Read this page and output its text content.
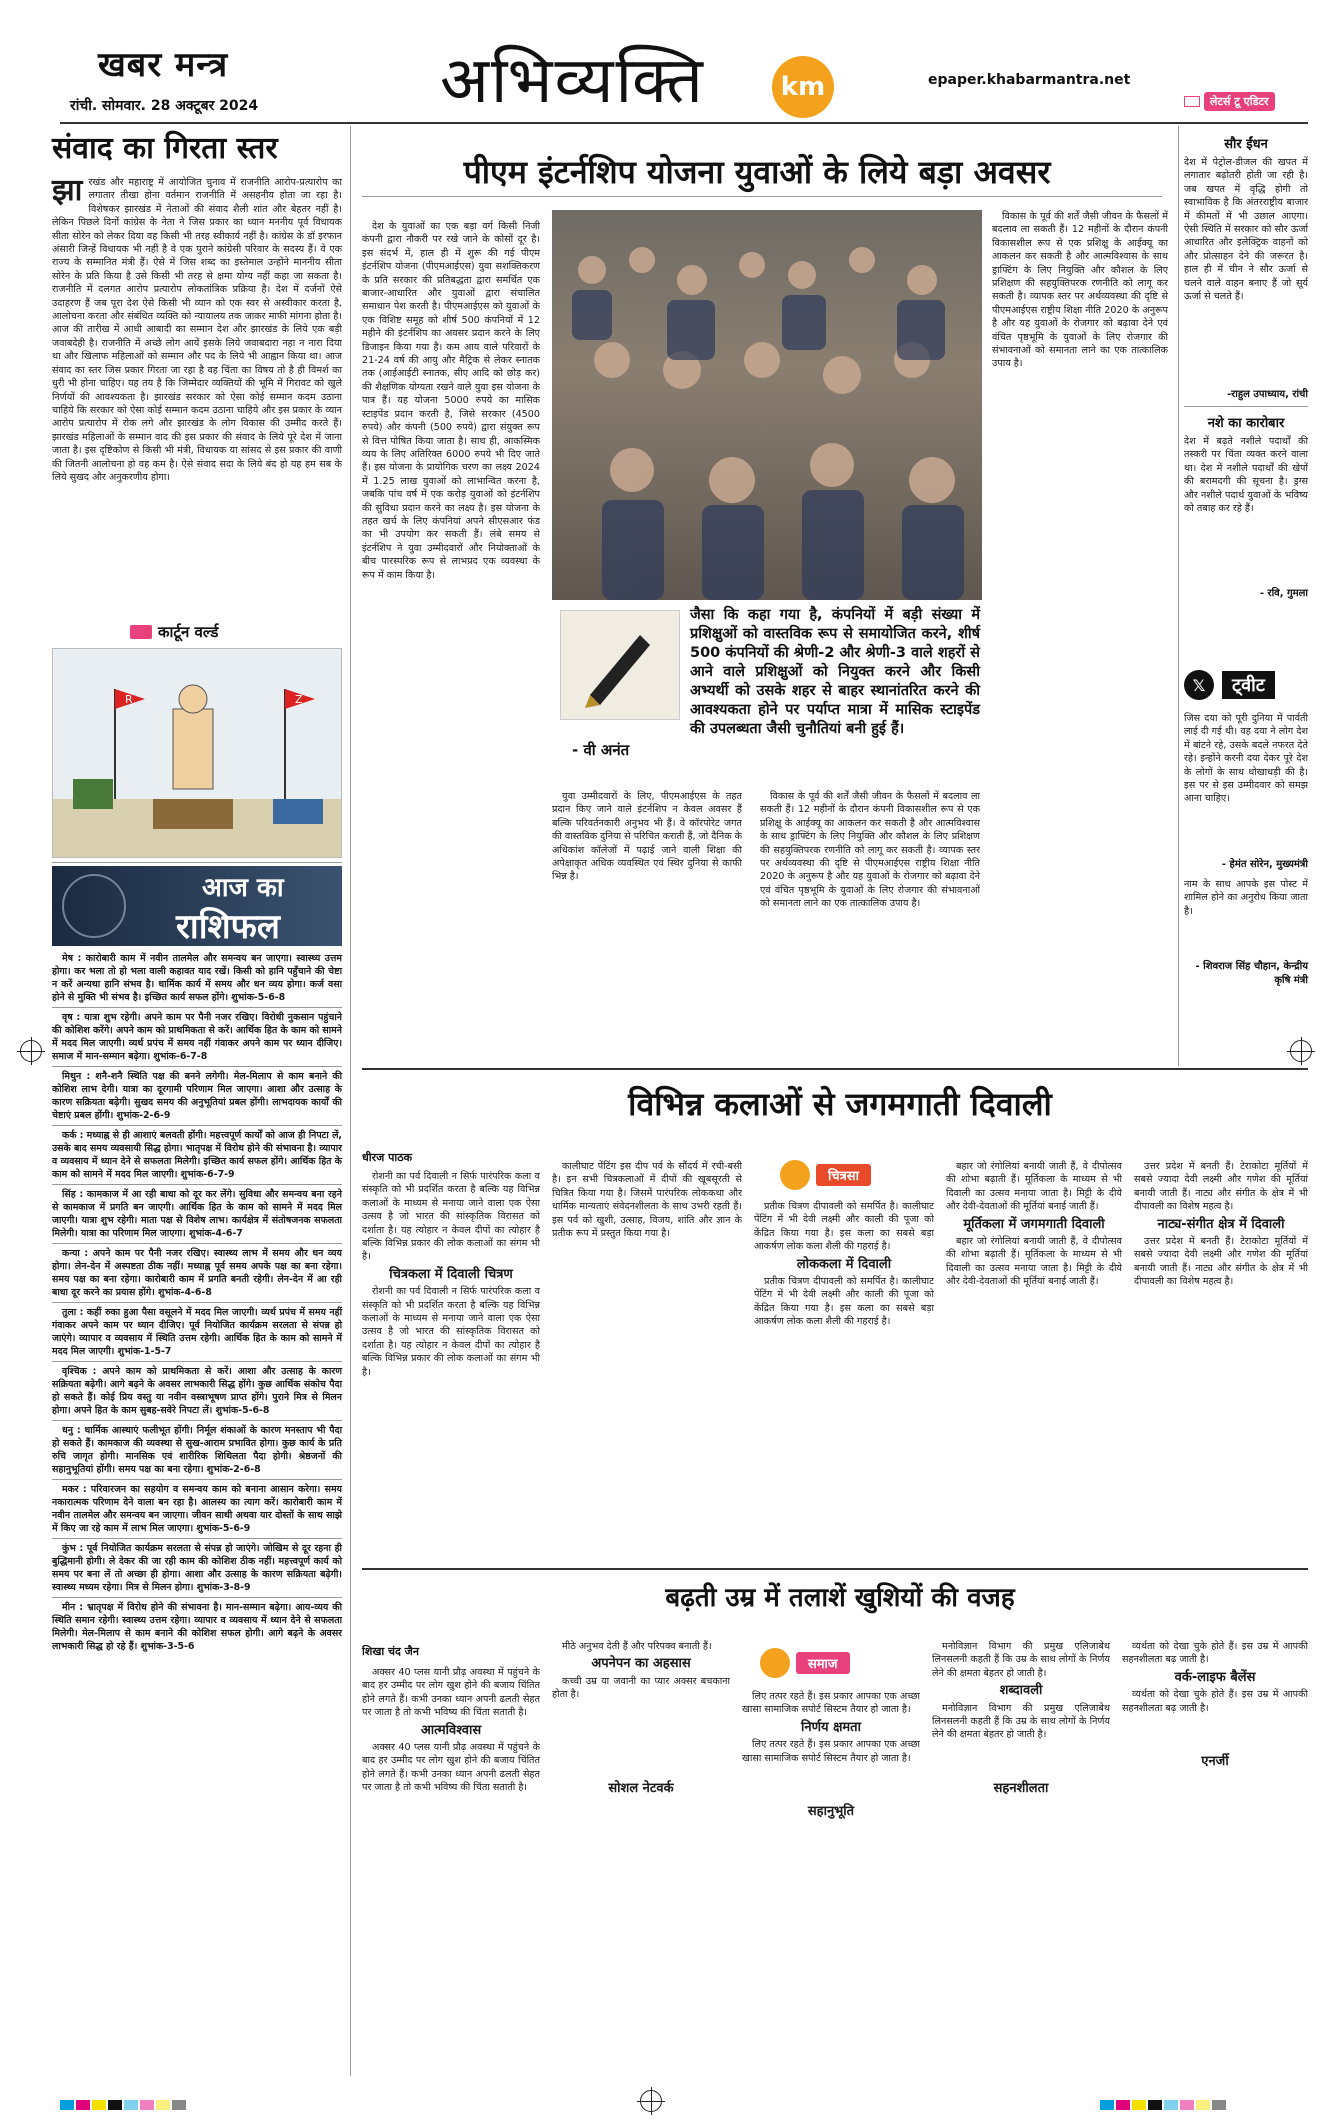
खबर मन्त्र
रांची. सोमवार. 28 अक्टूबर 2024	अभिव्यक्ति	km	epaper.khabarmantra.net
संवाद का गिरता स्तर
झा रखंड और महाराष्ट्र में आयोजित चुनाव में राजनीति आरोप-प्रत्यारोप का लगातार तीखा होना वर्तमान राजनीति में असहनीय होता जा रहा है। विशेषकर झारखंड में नेताओं की संवाद शैली शांत और बेहतर नहीं है। लेकिन पिछले दिनों कांग्रेस के नेता ने जिस प्रकार का ध्यान मननीय पूर्व विधायक सीता सोरेन को लेकर दिया वह किसी भी तरह स्वीकार्य नहीं है। कांग्रेस के डॉ इरफान अंसारी जिन्हें विधायक भी नहीं है वे एक पुराने कांग्रेसी परिवार के सदस्य हैं। वे एक राज्य के सम्मानित मंत्री हैं। ऐसे में जिस शब्द का इस्तेमाल उन्होंने माननीय सीता सोरेन के प्रति किया है उसे किसी भी तरह से क्षमा योग्य नहीं कहा जा सकता है। राजनीति में दलगत आरोप प्रत्यारोप लोकतांत्रिक प्रक्रिया है। देश में दर्जनों ऐसे उदाहरण हैं जब पूरा देश ऐसे किसी भी व्यान को एक स्वर से अस्वीकार करता है, आलोचना करता और संबंधित व्यक्ति को न्यायालय तक जाकर माफी मांगना होता है। आज की तारीख में आधी आबादी का सम्मान देश और झारखंड के लिये एक बड़ी जवाबदेही है। राजनीति में अच्छे लोग आयें इसके लिये जवाबदारा नहा न नारा दिया था और खिलाफ महिलाओं को सम्मान और पद के लिये भी आह्वान किया था। आज संवाद का स्तर जिस प्रकार गिरता जा रहा है वह चिंता का विषय तो है ही विमर्श का धुरी भी होना चाहिए। यह तय है कि जिम्मेदार व्यक्तियों की भूमि में गिरावट को खुले निर्णयों की आवश्यकता है। झारखंड सरकार को ऐसा कोई सम्मान कदम उठाना चाहिये कि सरकार को ऐसा कोई सम्मान कदम उठाना चाहिये और इस प्रकार के व्यान आरोप प्रत्यारोप में रोक लगे और झारखंड के लोग विकास की उम्मीद करते हैं। झारखंड महिलाओं के सम्मान वाद की इस प्रकार की संवाद के लिये पूरे देश में जाना जाता है। इस दृष्टिकोण से किसी भी मंत्री, विधायक या सांसद से इस प्रकार की वाणी की जितनी आलोचना हो वह कम है। ऐसे संवाद सदा के लिये बंद हो यह हम सब के लिये सुखद और अनुकरणीय होगा।
कार्टून वर्ल्ड
R	Z
आज का
राशिफल

मेष : कारोबारी काम में नवीन तालमेल और समन्वय बन जाएगा। स्वास्थ्य उत्तम होगा। कर भला तो हो भला वाली कहावत याद रखें। किसी को हानि पहुँचाने की चेष्टा न करें अन्यथा हानि संभव है। धार्मिक कार्य में समय और धन व्यय होगा। कर्ज वसा होने से मुक्ति भी संभव है। इच्छित कार्य सफल होंगे। शुभांक-5-6-8

वृष : यात्रा शुभ रहेगी। अपने काम पर पैनी नजर रखिए। विरोधी नुकसान पहुंचाने की कोशिश करेंगे। अपने काम को प्राथमिकता से करें। आर्थिक हित के काम को सामने में मदद मिल जाएगी। व्यर्थ प्रपंच में समय नहीं गंवाकर अपने काम पर ध्यान दीजिए। समाज में मान-सम्मान बढ़ेगा। शुभांक-6-7-8

मिथुन : शनै-शनै स्थिति पक्ष की बनने लगेगी। मेल-मिलाप से काम बनाने की कोशिश लाभ देगी। यात्रा का दूरगामी परिणाम मिल जाएगा। आशा और उत्साह के कारण सक्रियता बढ़ेगी। सुखद समय की अनुभूतियां प्रबल होंगी। लाभदायक कार्यों की चेष्टाएं प्रबल होंगी। शुभांक-2-6-9

कर्क : मध्याह्न से ही आशाएं बलवती होंगी। महत्त्वपूर्ण कार्यों को आज ही निपटा लें, उसके बाद समय व्यवसायी सिद्ध होगा। भातृपक्ष में विरोध होने की संभावना है। व्यापार व व्यवसाय में ध्यान देने से सफलता मिलेगी। इच्छित कार्य सफल होंगे। आर्थिक हित के काम को सामने में मदद मिल जाएगी। शुभांक-6-7-9

सिंह : कामकाज में आ रही बाधा को दूर कर लेंगे। सुविधा और समन्वय बना रहने से कामकाज में प्रगति बन जाएगी। आर्थिक हित के काम को सामने में मदद मिल जाएगी। यात्रा शुभ रहेगी। माता पक्ष से विशेष लाभ। कार्यक्षेत्र में संतोषजनक सफलता मिलेगी। यात्रा का परिणाम मिल जाएगा। शुभांक-4-6-7

कन्या : अपने काम पर पैनी नजर रखिए। स्वास्थ्य लाभ में समय और धन व्यय होगा। लेन-देन में अस्पष्टता ठीक नहीं। मध्याह्न पूर्व समय अपके पक्ष का बना रहेगा। समय पक्ष का बना रहेगा। कारोबारी काम में प्रगति बनती रहेगी। लेन-देन में आ रही बाधा दूर करने का प्रयास होंगे। शुभांक-4-6-8

तुला : कहीं रुका हुआ पैसा वसूलने में मदद मिल जाएगी। व्यर्थ प्रपंच में समय नहीं गंवाकर अपने काम पर ध्यान दीजिए। पूर्व नियोजित कार्यक्रम सरलता से संपन्न हो जाएंगे। व्यापार व व्यवसाय में स्थिति उत्तम रहेगी। आर्थिक हित के काम को सामने में मदद मिल जाएगी। शुभांक-1-5-7

वृश्चिक : अपने काम को प्राथमिकता से करें। आशा और उत्साह के कारण सक्रियता बढ़ेगी। आगे बढ़ने के अवसर लाभकारी सिद्ध होंगे। कुछ आर्थिक संकोच पैदा हो सकते हैं। कोई प्रिय वस्तु या नवीन वस्त्राभूषण प्राप्त होंगे। पुराने मित्र से मिलन होगा। अपने हित के काम सुबह-सवेरे निपटा लें। शुभांक-5-6-8

धनु : धार्मिक आस्थाएं फलीभूत होंगी। निर्मूल शंकाओं के कारण मनस्ताप भी पैदा हो सकते हैं। कामकाज की व्यवस्था से सुख-आराम प्रभावित होगा। कुछ कार्य के प्रति रुचि जागृत होगी। मानसिक एवं शारीरिक शिथिलता पैदा होगी। श्रेष्ठजनों की सहानुभूतियां होंगी। समय पक्ष का बना रहेगा। शुभांक-2-6-8

मकर : परिवारजन का सहयोग व समन्वय काम को बनाना आसान करेगा। समय नकारात्मक परिणाम देने वाला बन रहा है। आलस्य का त्याग करें। कारोबारी काम में नवीन तालमेल और समन्वय बन जाएगा। जीवन साथी अथवा यार दोस्तों के साथ साझे में किए जा रहे काम में लाभ मिल जाएगा। शुभांक-5-6-9

कुंभ : पूर्व नियोजित कार्यक्रम सरलता से संपन्न हो जाएंगे। जोखिम से दूर रहना ही बुद्धिमानी होगी। ले देकर की जा रही काम की कोशिश ठीक नहीं। महत्त्वपूर्ण कार्य को समय पर बना लें तो अच्छा ही होगा। आशा और उत्साह के कारण सक्रियता बढ़ेगी। स्वास्थ्य मध्यम रहेगा। मित्र से मिलन होगा। शुभांक-3-8-9

मीन : भ्रातृपक्ष में विरोध होने की संभावना है। मान-सम्मान बढ़ेगा। आय-व्यय की स्थिति समान रहेगी। स्वास्थ्य उत्तम रहेगा। व्यापार व व्यवसाय में ध्यान देने से सफलता मिलेगी। मेल-मिलाप से काम बनाने की कोशिश सफल होगी। आगे बढ़ने के अवसर लाभकारी सिद्ध हो रहे हैं। शुभांक-3-5-6

पीएम इंटर्नशिप योजना युवाओं के लिये बड़ा अवसर

देश के युवाओं का एक बड़ा वर्ग किसी निजी कंपनी द्वारा नौकरी पर रखे जाने के कोसों दूर है। इस संदर्भ में, हाल ही में शुरू की गई पीएम इंटर्नशिप योजना (पीएमआईएस) युवा सशक्तिकरण के प्रति सरकार की प्रतिबद्धता द्वारा समर्थित एक बाजार-आधारित और युवाओं द्वारा संचालित समाधान पेश करती है। पीएमआईएस को युवाओं के एक विशिष्ट समूह को शीर्ष 500 कंपनियों में 12 महीने की इंटर्नशिप का अवसर प्रदान करने के लिए डिजाइन किया गया है। कम आय वाले परिवारों के 21-24 वर्ष की आयु और मैट्रिक से लेकर स्नातक तक (आईआईटी स्नातक, सीए आदि को छोड़ कर) की शैक्षणिक योग्यता रखने वाले युवा इस योजना के पात्र हैं। यह योजना 5000 रुपये का मासिक स्टाइपेंड प्रदान करती है, जिसे सरकार (4500 रुपये) और कंपनी (500 रुपये) द्वारा संयुक्त रूप से वित्त पोषित किया जाता है। साथ ही, आकस्मिक व्यय के लिए अतिरिक्त 6000 रुपये भी दिए जाते हैं। इस योजना के प्रायोगिक चरण का लक्ष्य 2024 में 1.25 लाख युवाओं को लाभान्वित करना है, जबकि पांच वर्ष में एक करोड़ युवाओं को इंटर्नशिप की सुविधा प्रदान करने का लक्ष्य है। इस योजना के तहत खर्च के लिए कंपनियां अपने सीएसआर फंड का भी उपयोग कर सकती हैं। लंबे समय से इंटर्नशिप ने युवा उम्मीदवारों और नियोक्ताओं के बीच पारस्परिक रूप से लाभप्रद एक व्यवस्था के रूप में काम किया है।

- वी अनंत
जैसा कि कहा गया है, कंपनियों में बड़ी संख्या में प्रशिक्षुओं को वास्तविक रूप से समायोजित करने, शीर्ष 500 कंपनियों की श्रेणी-2 और श्रेणी-3 वाले शहरों से आने वाले प्रशिक्षुओं को नियुक्त करने और किसी अभ्यर्थी को उसके शहर से बाहर स्थानांतरित करने की आवश्यकता होने पर पर्याप्त मात्रा में मासिक स्टाइपेंड की उपलब्धता जैसी चुनौतियां बनी हुई हैं।

युवा उम्मीदवारों के लिए, पीएमआईएस के तहत प्रदान किए जाने वाले इंटर्नशिप न केवल अवसर हैं बल्कि परिवर्तनकारी अनुभव भी हैं। वे कॉरपोरेट जगत की वास्तविक दुनिया से परिचित कराती हैं, जो दैनिक के अधिकांश कॉलेजों में पढ़ाई जाने वाली शिक्षा की अपेक्षाकृत अधिक व्यवस्थित एवं स्थिर दुनिया से काफी भिन्न है।

विकास के पूर्व की शर्तें जैसी जीवन के फैसलों में बदलाव ला सकती हैं। 12 महीनों के दौरान कंपनी विकासशील रूप से एक प्रशिक्षु के आईक्यू का आकलन कर सकती है और आत्मविश्वास के साथ ड्राफ्टिंग के लिए नियुक्ति और कौशल के लिए प्रशिक्षण की सहयुक्तिपरक रणनीति को लागू कर सकती है। व्यापक स्तर पर अर्थव्यवस्था की दृष्टि से पीएमआईएस राष्ट्रीय शिक्षा नीति 2020 के अनुरूप है और यह युवाओं के रोजगार को बढ़ावा देने एवं वंचित पृष्ठभूमि के युवाओं के लिए रोजगार की संभावनाओं को समानता लाने का एक तात्कालिक उपाय है।

विकास के पूर्व की शर्तें जैसी जीवन के फैसलों में बदलाव ला सकती हैं। 12 महीनों के दौरान कंपनी विकासशील रूप से एक प्रशिक्षु के आईक्यू का आकलन कर सकती है और आत्मविश्वास के साथ ड्राफ्टिंग के लिए नियुक्ति और कौशल के लिए प्रशिक्षण की सहयुक्तिपरक रणनीति को लागू कर सकती है। व्यापक स्तर पर अर्थव्यवस्था की दृष्टि से पीएमआईएस राष्ट्रीय शिक्षा नीति 2020 के अनुरूप है और यह युवाओं के रोजगार को बढ़ावा देने एवं वंचित पृष्ठभूमि के युवाओं के लिए रोजगार की संभावनाओं को समानता लाने का एक तात्कालिक उपाय है।

लेटर्स टू एडिटर
सौर ईंधन
देश में पेट्रोल-डीजल की खपत में लगातार बढ़ोतरी होती जा रही है। जब खपत में वृद्धि होगी तो स्वाभाविक है कि अंतरराष्ट्रीय बाजार में कीमतों में भी उछाल आएगा। ऐसी स्थिति में सरकार को सौर ऊर्जा आधारित और इलेक्ट्रिक वाहनों को और प्रोत्साहन देने की जरूरत है। हाल ही में चीन ने सौर ऊर्जा से चलने वाले वाहन बनाए हैं जो सूर्य ऊर्जा से चलते हैं।
-राहुल उपाध्याय, रांची
नशे का कारोबार
देश में बढ़ते नशीले पदार्थों की तस्करी पर चिंता व्यक्त करने वाला था। देश में नशीले पदार्थों की खेपों की बरामदगी की सूचना है। ड्रग्स और नशीले पदार्थ युवाओं के भविष्य को तबाह कर रहे हैं।
- रवि, गुमला
𝕏	ट्वीट
जिस दया को पूरी दुनिया में पार्वती लाई दी गई थी। वह दया ने लोग देश में बांटने रहे, उसके बदले नफरत देते रहे। इन्होंने करनी दया देकर पूरे देश के लोगों के साथ धोखाधड़ी की है। इस पर से इस उम्मीदवार को समझ आना चाहिए।
- हेमंत सोरेन, मुख्यमंत्री
नाम के साथ आपके इस पोस्ट में शामिल होने का अनुरोध किया जाता है।
- शिवराज सिंह चौहान, केन्द्रीय कृषि मंत्री
विभिन्न कलाओं से जगमगाती दिवाली
धीरज पाठक
चित्रसा

रोशनी का पर्व दिवाली न सिर्फ पारंपरिक कला व संस्कृति को भी प्रदर्शित करता है बल्कि यह विभिन्न कलाओं के माध्यम से मनाया जाने वाला एक ऐसा उत्सव है जो भारत की सांस्कृतिक विरासत को दर्शाता है। यह त्योहार न केवल दीपों का त्योहार है बल्कि विभिन्न प्रकार की लोक कलाओं का संगम भी है।

चित्रकला में दिवाली चित्रण

रोशनी का पर्व दिवाली न सिर्फ पारंपरिक कला व संस्कृति को भी प्रदर्शित करता है बल्कि यह विभिन्न कलाओं के माध्यम से मनाया जाने वाला एक ऐसा उत्सव है जो भारत की सांस्कृतिक विरासत को दर्शाता है। यह त्योहार न केवल दीपों का त्योहार है बल्कि विभिन्न प्रकार की लोक कलाओं का संगम भी है।

कालीघाट पेंटिंग इस दीप पर्व के सौंदर्य में रची-बसी है। इन सभी चित्रकलाओं में दीपों की खूबसूरती से चित्रित किया गया है। जिसमें पारंपरिक लोककथा और धार्मिक मान्यताएं संवेदनशीलता के साथ उभरी रहती हैं। इस पर्व को खुशी, उत्साह, विजय, शांति और ज्ञान के प्रतीक रूप में प्रस्तुत किया गया है।

प्रतीक चित्रण दीपावली को समर्पित है। कालीघाट पेंटिंग में भी देवी लक्ष्मी और काली की पूजा को केंद्रित किया गया है। इस कला का सबसे बड़ा आकर्षण लोक कला शैली की गहराई है।

लोककला में दिवाली

प्रतीक चित्रण दीपावली को समर्पित है। कालीघाट पेंटिंग में भी देवी लक्ष्मी और काली की पूजा को केंद्रित किया गया है। इस कला का सबसे बड़ा आकर्षण लोक कला शैली की गहराई है।

बहार जो रंगोलियां बनायी जाती हैं, वे दीपोत्सव की शोभा बढ़ाती हैं। मूर्तिकला के माध्यम से भी दिवाली का उत्सव मनाया जाता है। मिट्टी के दीये और देवी-देवताओं की मूर्तियां बनाई जाती हैं।

मूर्तिकला में जगमगाती दिवाली

बहार जो रंगोलियां बनायी जाती हैं, वे दीपोत्सव की शोभा बढ़ाती हैं। मूर्तिकला के माध्यम से भी दिवाली का उत्सव मनाया जाता है। मिट्टी के दीये और देवी-देवताओं की मूर्तियां बनाई जाती हैं।

उत्तर प्रदेश में बनती हैं। टेराकोटा मूर्तियों में सबसे ज्यादा देवी लक्ष्मी और गणेश की मूर्तियां बनायी जाती हैं। नाट्य और संगीत के क्षेत्र में भी दीपावली का विशेष महत्व है।

नाट्य-संगीत क्षेत्र में दिवाली

उत्तर प्रदेश में बनती हैं। टेराकोटा मूर्तियों में सबसे ज्यादा देवी लक्ष्मी और गणेश की मूर्तियां बनायी जाती हैं। नाट्य और संगीत के क्षेत्र में भी दीपावली का विशेष महत्व है।

बढ़ती उम्र में तलाशें खुशियों की वजह
शिखा चंद जैन
समाज

अक्सर 40 प्लस यानी प्रौढ़ अवस्था में पहुंचने के बाद हर उम्मीद पर लोग खुश होने की बजाय चिंतित होने लगते हैं। कभी उनका ध्यान अपनी ढलती सेहत पर जाता है तो कभी भविष्य की चिंता सताती है।

आत्मविश्वास

अक्सर 40 प्लस यानी प्रौढ़ अवस्था में पहुंचने के बाद हर उम्मीद पर लोग खुश होने की बजाय चिंतित होने लगते हैं। कभी उनका ध्यान अपनी ढलती सेहत पर जाता है तो कभी भविष्य की चिंता सताती है।

मीठे अनुभव देती हैं और परिपक्व बनाती हैं।

अपनेपन का अहसास

कच्ची उम्र या जवानी का प्यार अक्सर बचकाना होता है।

सोशल नेटवर्क

लिए तत्पर रहते हैं। इस प्रकार आपका एक अच्छा खासा सामाजिक सपोर्ट सिस्टम तैयार हो जाता है।

निर्णय क्षमता

लिए तत्पर रहते हैं। इस प्रकार आपका एक अच्छा खासा सामाजिक सपोर्ट सिस्टम तैयार हो जाता है।

सहानुभूति

मनोविज्ञान विभाग की प्रमुख एलिजाबेथ लिनसलनी कहती हैं कि उम्र के साथ लोगों के निर्णय लेने की क्षमता बेहतर हो जाती है।

शब्दावली

मनोविज्ञान विभाग की प्रमुख एलिजाबेथ लिनसलनी कहती हैं कि उम्र के साथ लोगों के निर्णय लेने की क्षमता बेहतर हो जाती है।

सहनशीलता

व्यर्थता को देखा चुके होते हैं। इस उम्र में आपकी सहनशीलता बढ़ जाती है।

वर्क-लाइफ बैलेंस

व्यर्थता को देखा चुके होते हैं। इस उम्र में आपकी सहनशीलता बढ़ जाती है।

एनर्जी
